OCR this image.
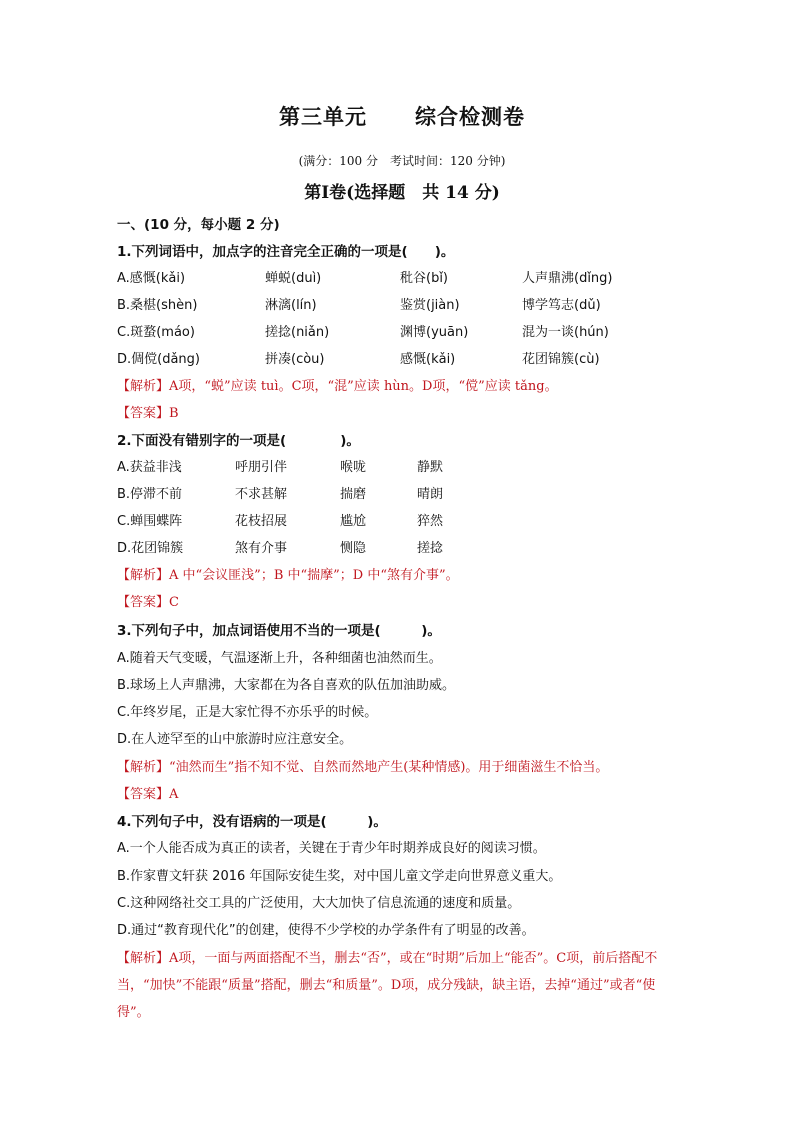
第三单元 综合检测卷
(满分：100 分　考试时间：120 分钟)
第Ⅰ卷(选择题　共 14 分)
一、(10 分，每小题 2 分)
1.下列词语中，加点字的注音完全正确的一项是(　　)。
A.感慨(kǎi)	蝉蜕(duì)	秕谷(bǐ)	人声鼎沸(dǐng)
B.桑椹(shèn)	淋漓(lín)	鉴赏(jiàn)	博学笃志(dǔ)
C.斑蝥(máo)	搓捻(niǎn)	渊博(yuān)	混为一谈(hún)
D.倜傥(dǎng)	拼凑(còu)	感慨(kǎi)	花团锦簇(cù)
【解析】A项，“蜕”应读 tuì。C项，“混”应读 hùn。D项，“傥”应读 tǎng。
【答案】B
2.下面没有错别字的一项是(　　　　)。
A.获益非浅	呼朋引伴	喉咙	静默
B.停滞不前	不求甚解	揣磨	晴朗
C.蝉围蝶阵	花枝招展	尴尬	猝然
D.花团锦簇	煞有介事	恻隐	搓捻
【解析】A 中“会议匪浅”；B 中“揣摩”；D 中“煞有介事”。
【答案】C
3.下列句子中，加点词语使用不当的一项是(　　　)。
A.随着天气变暖，气温逐渐上升，各种细菌也油然而生。
B.球场上人声鼎沸，大家都在为各自喜欢的队伍加油助威。
C.年终岁尾，正是大家忙得不亦乐乎的时候。
D.在人迹罕至的山中旅游时应注意安全。
【解析】“油然而生”指不知不觉、自然而然地产生(某种情感)。用于细菌滋生不恰当。
【答案】A
4.下列句子中，没有语病的一项是(　　　)。
A.一个人能否成为真正的读者，关键在于青少年时期养成良好的阅读习惯。
B.作家曹文轩获 2016 年国际安徒生奖，对中国儿童文学走向世界意义重大。
C.这种网络社交工具的广泛使用，大大加快了信息流通的速度和质量。
D.通过“教育现代化”的创建，使得不少学校的办学条件有了明显的改善。
【解析】A项，一面与两面搭配不当，删去“否”，或在“时期”后加上“能否”。C项，前后搭配不当，“加快”不能跟“质量”搭配，删去“和质量”。D项，成分残缺，缺主语，去掉“通过”或者“使得”。
